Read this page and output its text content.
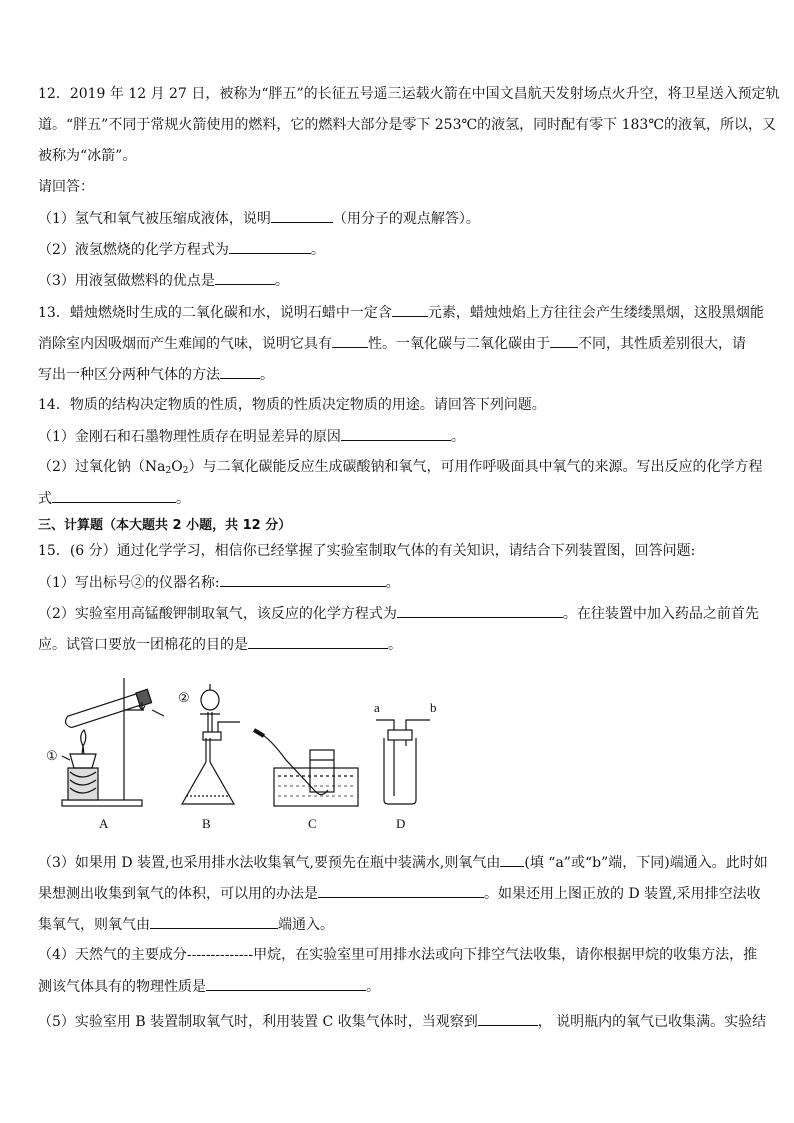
12．2019 年 12 月 27 日，被称为“胖五”的长征五号遥三运载火箭在中国文昌航天发射场点火升空，将卫星送入预定轨
道。“胖五”不同于常规火箭使用的燃料，它的燃料大部分是零下 253℃的液氢，同时配有零下 183℃的液氧，所以，又
被称为“冰箭”。
请回答：
（1）氢气和氧气被压缩成液体，说明	（用分子的观点解答）。
（2）液氢燃烧的化学方程式为	。
（3）用液氢做燃料的优点是	。
13．蜡烛燃烧时生成的二氧化碳和水，说明石蜡中一定含	元素，蜡烛烛焰上方往往会产生缕缕黑烟，这股黑烟能
消除室内因吸烟而产生难闻的气味，说明它具有	性。一氧化碳与二氧化碳由于 不同，其性质差别很大，请
写出一种区分两种气体的方法	。
14．物质的结构决定物质的性质，物质的性质决定物质的用途。请回答下列问题。
（1）金刚石和石墨物理性质存在明显差异的原因	。
（2）过氧化钠$(Na_2O_2)$与二氧化碳能反应生成碳酸钠和氧气，可用作呼吸面具中氧气的来源。写出反应的化学方程
式	。
三、计算题（本大题共 2 小题，共 12 分）
15．(6 分）通过化学学习，相信你已经掌握了实验室制取气体的有关知识，请结合下列装置图，回答问题:
（1）写出标号②的仪器名称:	。
（2）实验室用高锰酸钾制取氧气，该反应的化学方程式为	。在往装置中加入药品之前首先
应。试管口要放一团棉花的目的是	。
①
A
②
B	C
a	b
D
（3）如果用 D 装置,也采用排水法收集氧气,要预先在瓶中装满水,则氧气由 (填 “a”或“b”端，下同)端通入。此时如
果想测出收集到氧气的体积，可以用的办法是	。如果还用上图正放的 D 装置,采用排空法收
集氧气，则氧气由	端通入。
（4）天然气的主要成分--------------甲烷，在实验室里可用排水法或向下排空气法收集，请你根据甲烷的收集方法，推
测该气体具有的物理性质是	。
（5）实验室用 B 装置制取氧气时，利用装置 C 收集气体时，当观察到	， 说明瓶内的氧气已收集满。实验结
